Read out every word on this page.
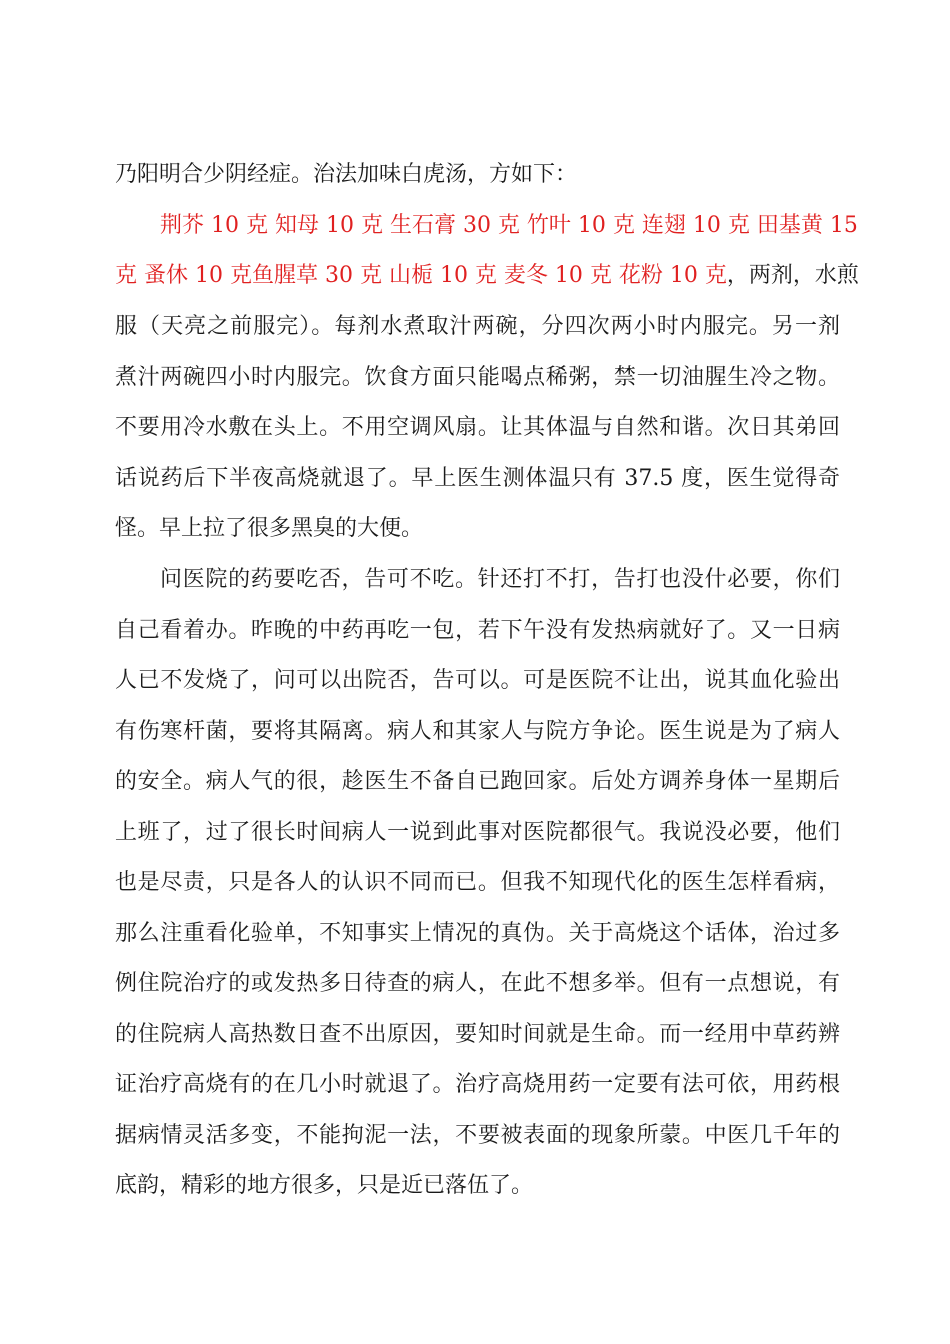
乃阳明合少阴经症。治法加味白虎汤，方如下：
荆芥 10 克 知母 10 克 生石膏 30 克 竹叶 10 克 连翅 10 克 田基黄 15
克 蚤休 10 克鱼腥草 30 克 山栀 10 克 麦冬 10 克 花粉 10 克，两剂，水煎
服（天亮之前服完）。每剂水煮取汁两碗，分四次两小时内服完。另一剂
煮汁两碗四小时内服完。饮食方面只能喝点稀粥，禁一切油腥生冷之物。
不要用冷水敷在头上。不用空调风扇。让其体温与自然和谐。次日其弟回
话说药后下半夜高烧就退了。早上医生测体温只有 37.5 度，医生觉得奇
怪。早上拉了很多黑臭的大便。
问医院的药要吃否，告可不吃。针还打不打，告打也没什必要，你们
自己看着办。昨晚的中药再吃一包，若下午没有发热病就好了。又一日病
人已不发烧了，问可以出院否，告可以。可是医院不让出，说其血化验出
有伤寒杆菌，要将其隔离。病人和其家人与院方争论。医生说是为了病人
的安全。病人气的很，趁医生不备自已跑回家。后处方调养身体一星期后
上班了，过了很长时间病人一说到此事对医院都很气。我说没必要，他们
也是尽责，只是各人的认识不同而已。但我不知现代化的医生怎样看病，
那么注重看化验单，不知事实上情况的真伪。关于高烧这个话体，治过多
例住院治疗的或发热多日待查的病人，在此不想多举。但有一点想说，有
的住院病人高热数日查不出原因，要知时间就是生命。而一经用中草药辨
证治疗高烧有的在几小时就退了。治疗高烧用药一定要有法可依，用药根
据病情灵活多变，不能拘泥一法，不要被表面的现象所蒙。中医几千年的
底韵，精彩的地方很多，只是近已落伍了。
